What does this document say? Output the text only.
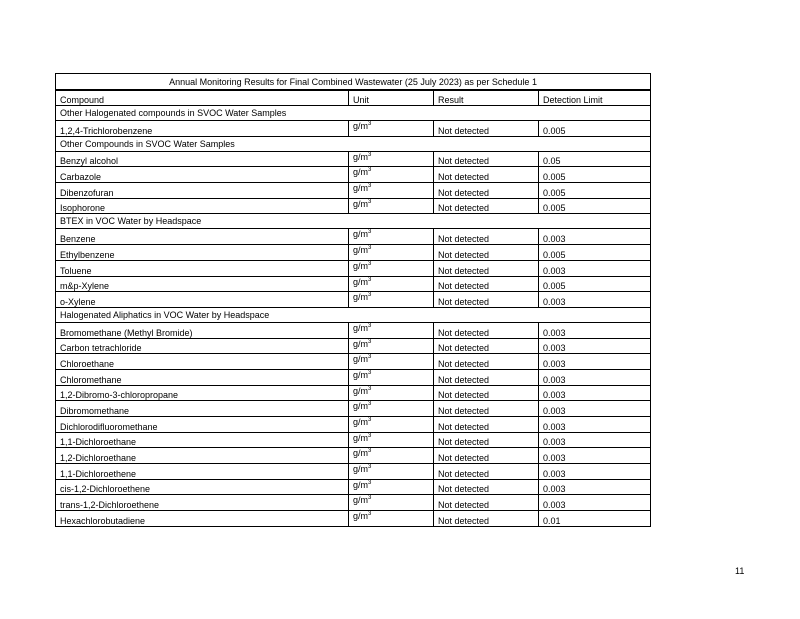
Annual Monitoring Results for Final Combined Wastewater (25 July 2023) as per Schedule 1			
Compound	Unit	Result	Detection Limit
Other Halogenated compounds in SVOC Water Samples			
1,2,4-Trichlorobenzene	$g/m^3$	Not detected	0.005
Other Compounds in SVOC Water Samples			
Benzyl alcohol	$g/m^3$	Not detected	0.05
Carbazole	$g/m^3$	Not detected	0.005
Dibenzofuran	$g/m^3$	Not detected	0.005
Isophorone	$g/m^3$	Not detected	0.005
BTEX in VOC Water by Headspace			
Benzene	$g/m^3$	Not detected	0.003
Ethylbenzene	$g/m^3$	Not detected	0.005
Toluene	$g/m^3$	Not detected	0.003
m&p-Xylene	$g/m^3$	Not detected	0.005
o-Xylene	$g/m^3$	Not detected	0.003
Halogenated Aliphatics in VOC Water by Headspace			
Bromomethane (Methyl Bromide)	$g/m^3$	Not detected	0.003
Carbon tetrachloride	$g/m^3$	Not detected	0.003
Chloroethane	$g/m^3$	Not detected	0.003
Chloromethane	$g/m^3$	Not detected	0.003
1,2-Dibromo-3-chloropropane	$g/m^3$	Not detected	0.003
Dibromomethane	$g/m^3$	Not detected	0.003
Dichlorodifluoromethane	$g/m^3$	Not detected	0.003
1,1-Dichloroethane	$g/m^3$	Not detected	0.003
1,2-Dichloroethane	$g/m^3$	Not detected	0.003
1,1-Dichloroethene	$g/m^3$	Not detected	0.003
cis-1,2-Dichloroethene	$g/m^3$	Not detected	0.003
trans-1,2-Dichloroethene	$g/m^3$	Not detected	0.003
Hexachlorobutadiene	$g/m^3$	Not detected	0.01
11
